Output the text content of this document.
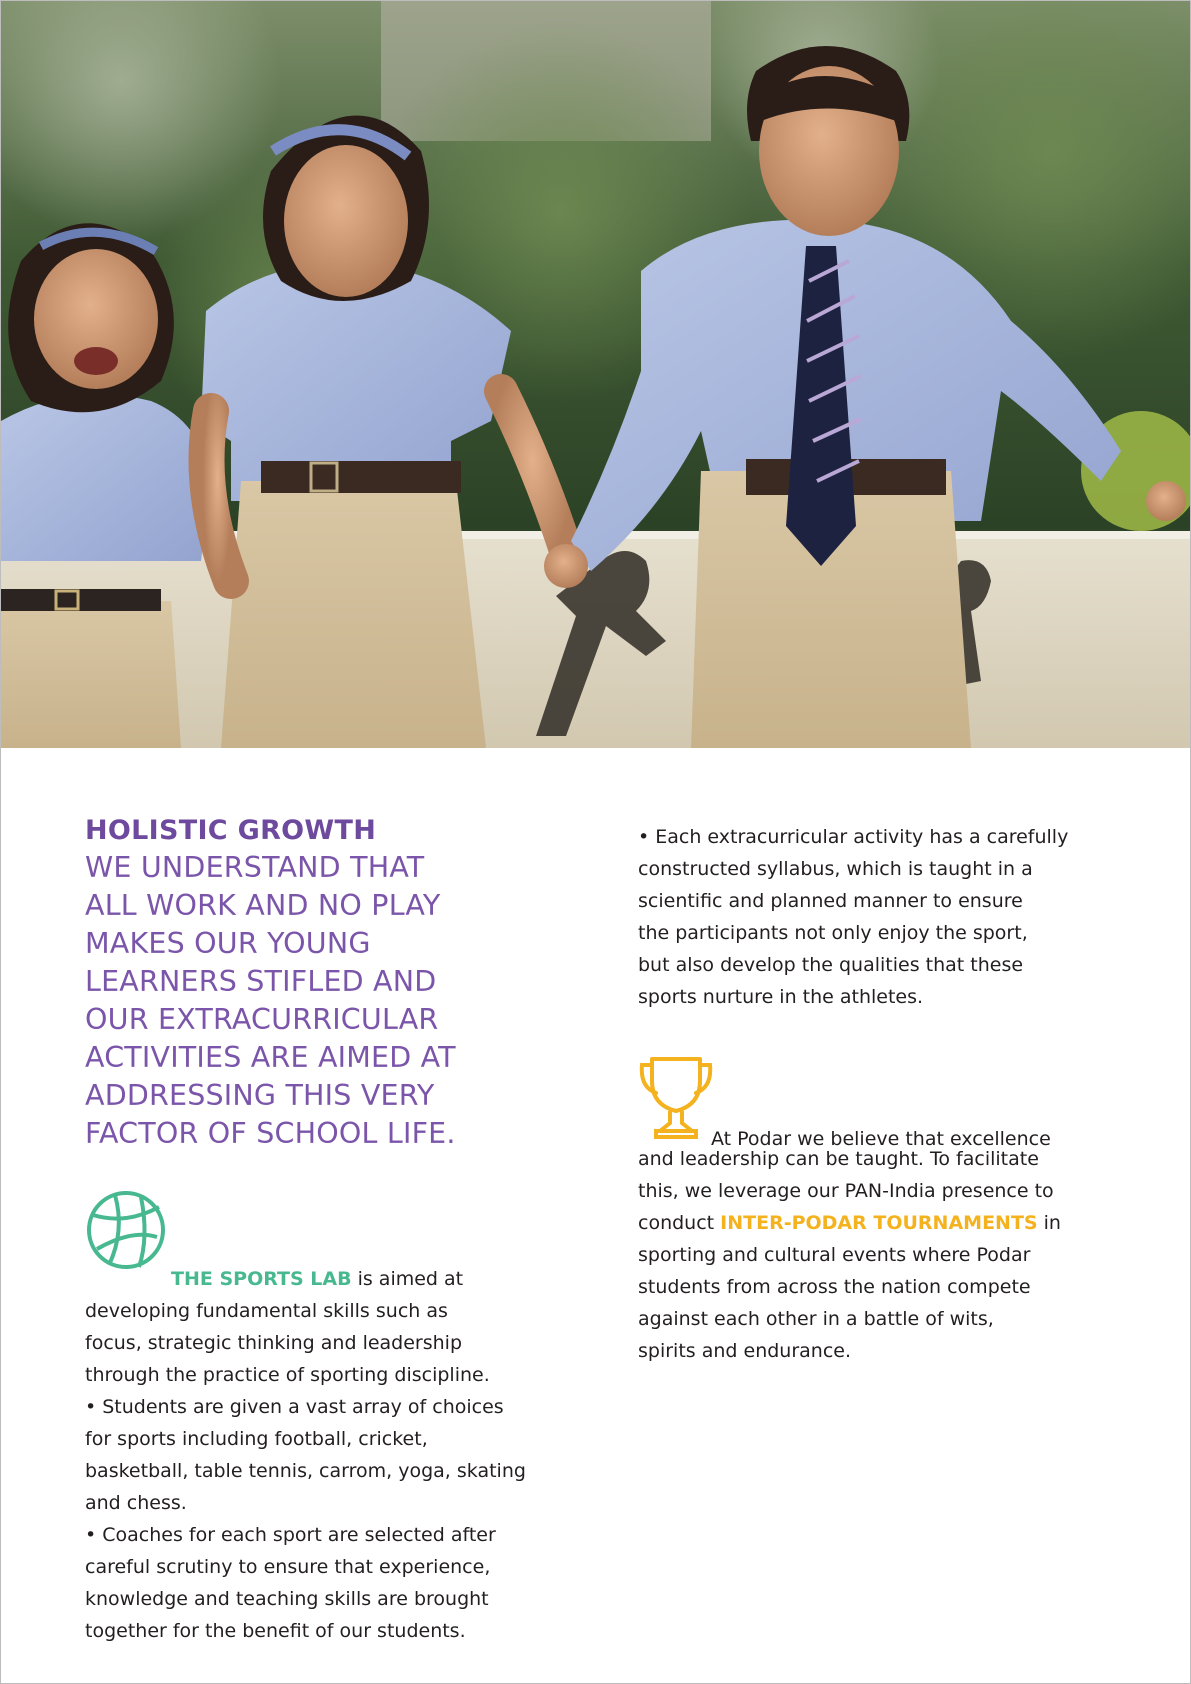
HOLISTIC GROWTH

WE UNDERSTAND THAT
ALL WORK AND NO PLAY
MAKES OUR YOUNG
LEARNERS STIFLED AND
OUR EXTRACURRICULAR
ACTIVITIES ARE AIMED AT
ADDRESSING THIS VERY
FACTOR OF SCHOOL LIFE.

THE SPORTS LAB is aimed at

developing fundamental skills such as
focus, strategic thinking and leadership
through the practice of sporting discipline.
• Students are given a vast array of choices
for sports including football, cricket,
basketball, table tennis, carrom, yoga, skating
and chess.
• Coaches for each sport are selected after
careful scrutiny to ensure that experience,
knowledge and teaching skills are brought
together for the benefit of our students.

• Each extracurricular activity has a carefully
constructed syllabus, which is taught in a
scientific and planned manner to ensure
the participants not only enjoy the sport,
but also develop the qualities that these
sports nurture in the athletes.

At Podar we believe that excellence

and leadership can be taught. To facilitate
this, we leverage our PAN-India presence to
conduct INTER-PODAR TOURNAMENTS in
sporting and cultural events where Podar
students from across the nation compete
against each other in a battle of wits,
spirits and endurance.
